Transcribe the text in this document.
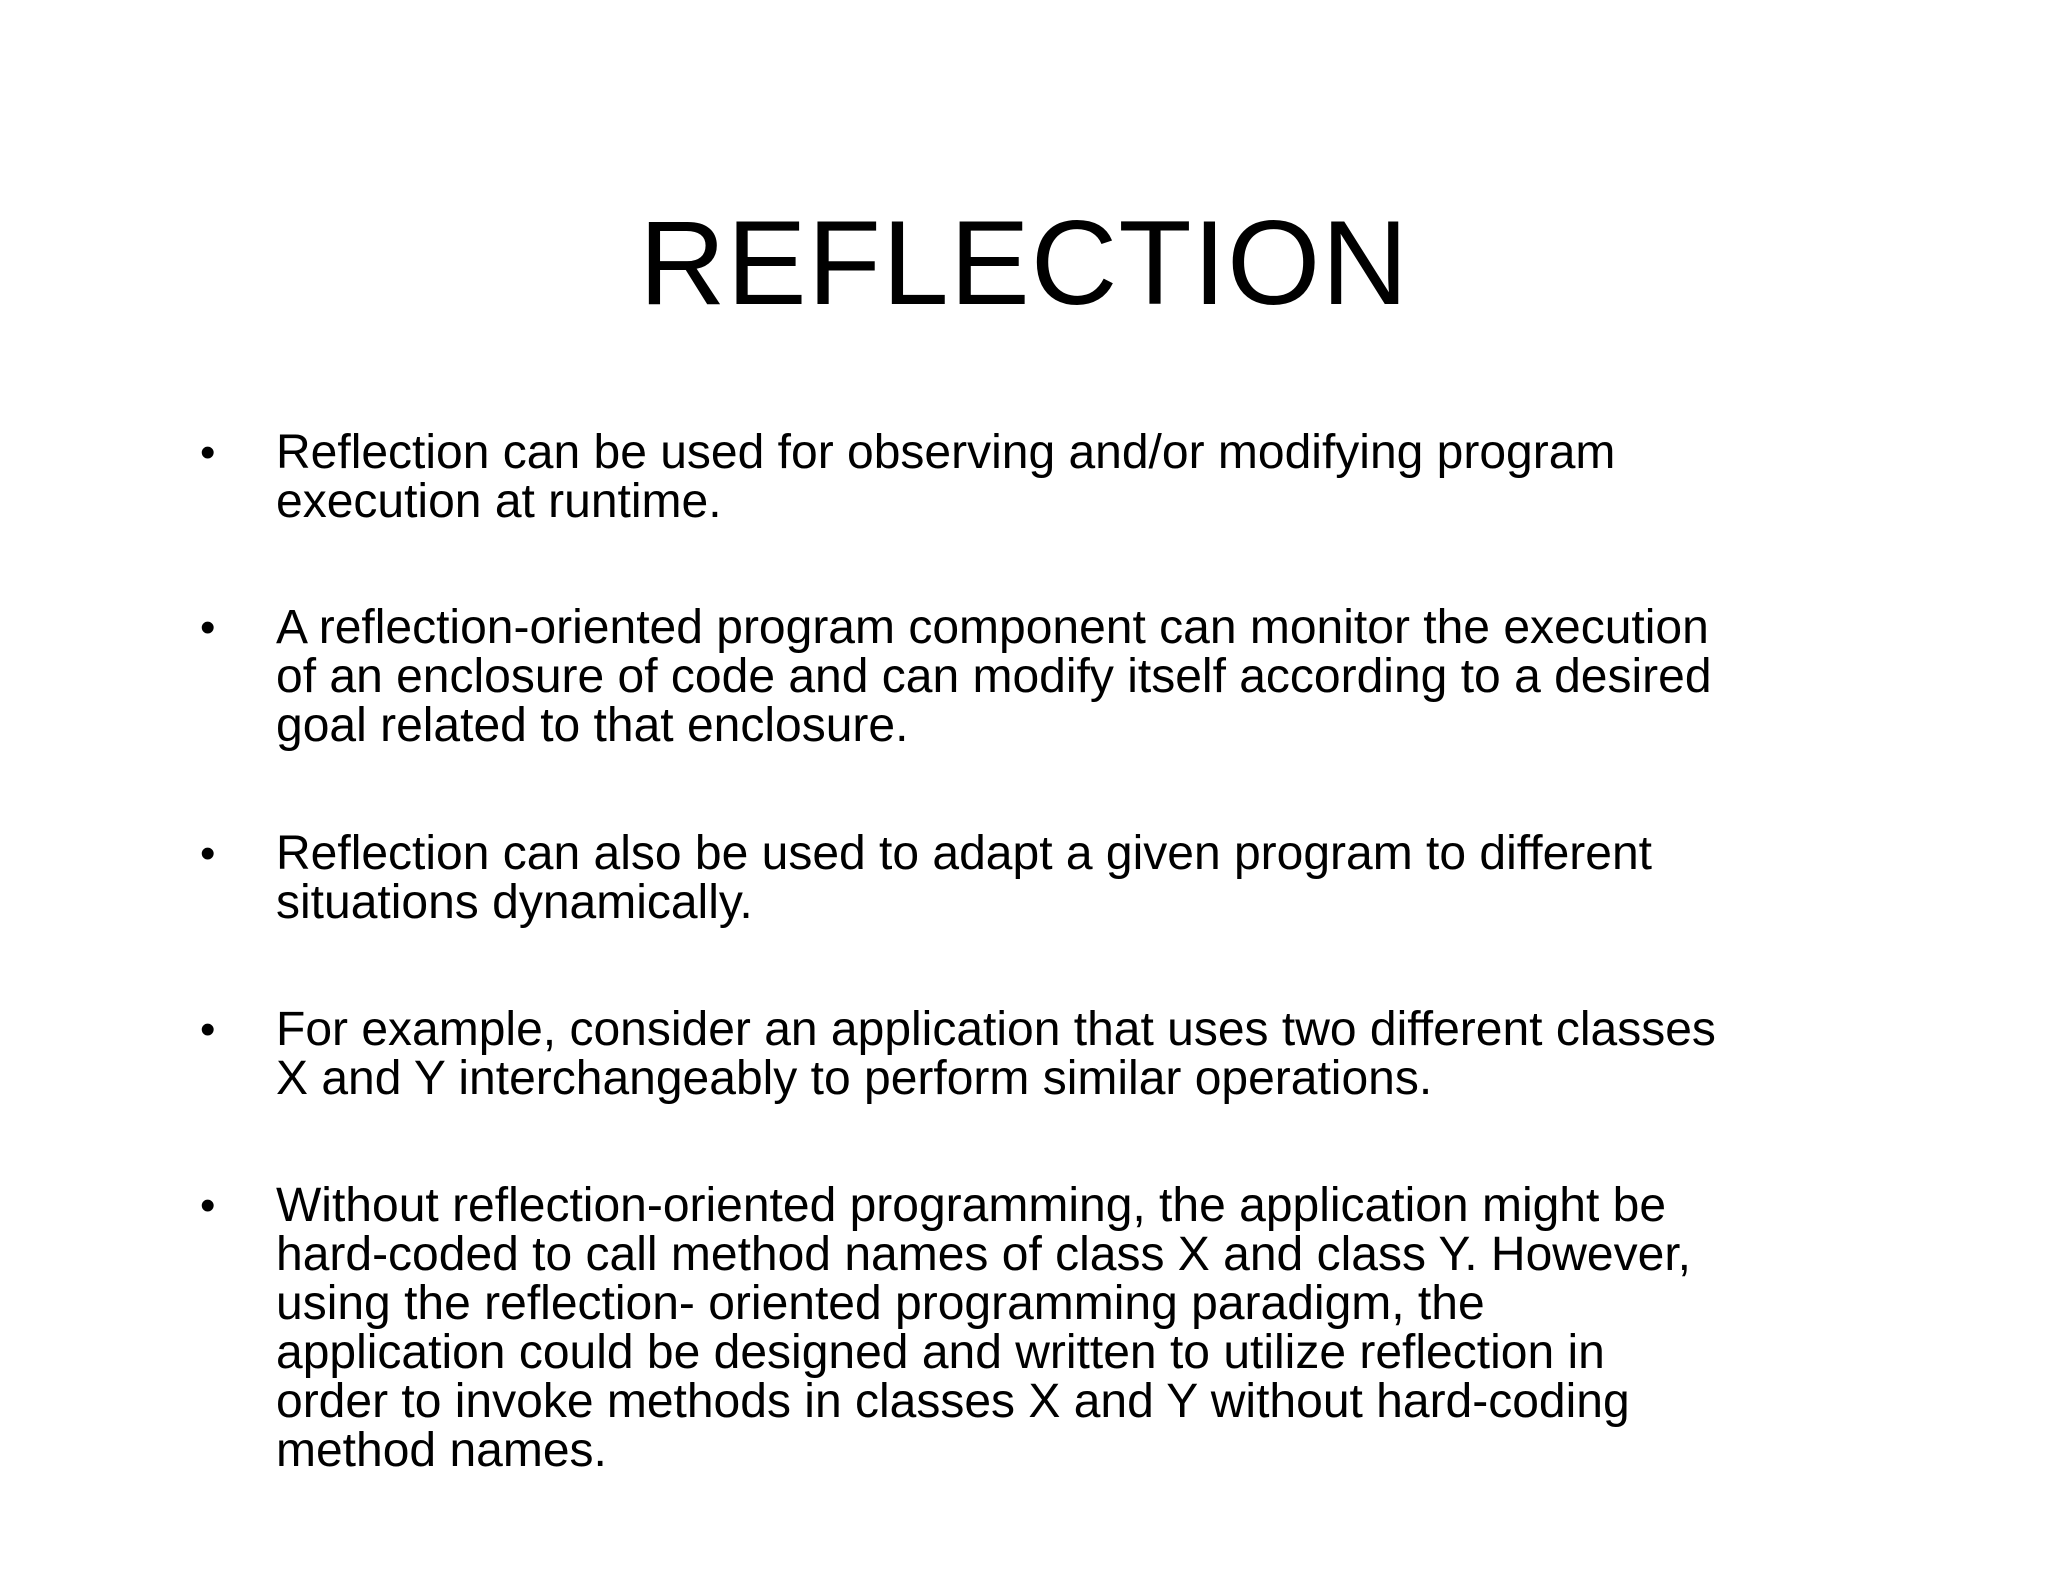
REFLECTION
•	Reflection can be used for observing and/or modifying program
execution at runtime.
•	A reflection-oriented program component can monitor the execution
of an enclosure of code and can modify itself according to a desired
goal related to that enclosure.
•	Reflection can also be used to adapt a given program to different
situations dynamically.
•	For example, consider an application that uses two different classes
X and Y interchangeably to perform similar operations.
•	Without reflection-oriented programming, the application might be
hard-coded to call method names of class X and class Y. However,
using the reflection- oriented programming paradigm, the
application could be designed and written to utilize reflection in
order to invoke methods in classes X and Y without hard-coding
method names.
